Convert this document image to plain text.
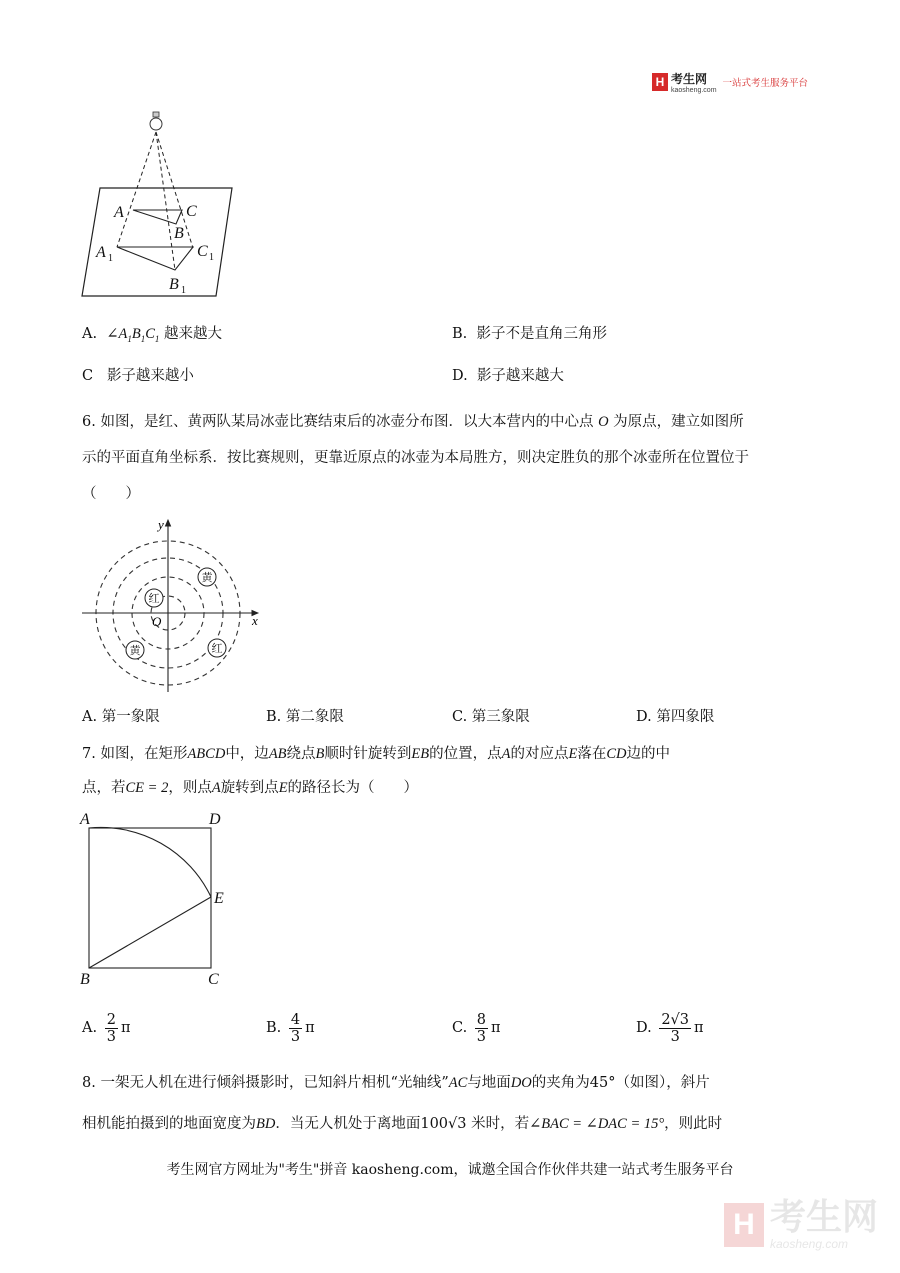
H 考生网
kaosheng.com
一站式考生服务平台
A	C
B
A	C
B
1	1
1
A. $\angle A_1B_1C_1$ 越来越大	B. 影子不是直角三角形
C 影子越来越小	D. 影子越来越大
6. 如图，是红、黄两队某局冰壶比赛结束后的冰壶分布图．以大本营内的中心点 O 为原点，建立如图所
示的平面直角坐标系．按比赛规则，更靠近原点的冰壶为本局胜方，则决定胜负的那个冰壶所在位置位于
（　　）
y
x
O
黄
红
黄	红
A. 第一象限	B. 第二象限	C. 第三象限	D. 第四象限
7. 如图，在矩形ABCD中，边AB绕点B顺时针旋转到EB的位置，点A的对应点E落在CD边的中
点，若CE = 2，则点A旋转到点E的路径长为（　　）
A	D
E
B	C
A. $\frac{2}{3}$ π	B. $\frac{4}{3}$ π	C. $\frac{8}{3}$ π	D. $\frac{2√3}{3}$ π
8. 一架无人机在进行倾斜摄影时，已知斜片相机“光轴线”AC与地面DO的夹角为45°（如图），斜片
相机能拍摄到的地面宽度为BD．当无人机处于离地面100√3 米时，若∠BAC = ∠DAC = 15°，则此时
考生网官方网址为"考生"拼音 kaosheng.com，诚邀全国合作伙伴共建一站式考生服务平台
H 考生网
kaosheng.com
